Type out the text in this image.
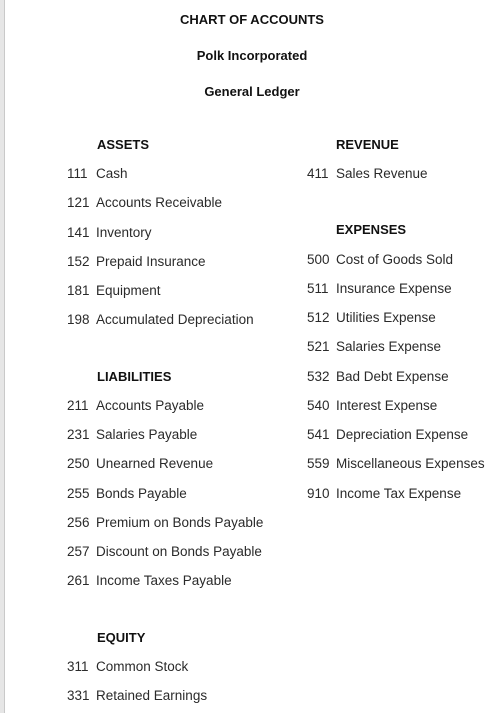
CHART OF ACCOUNTS
Polk Incorporated
General Ledger
ASSETS
111 Cash
121 Accounts Receivable
141 Inventory
152 Prepaid Insurance
181 Equipment
198 Accumulated Depreciation
LIABILITIES
211 Accounts Payable
231 Salaries Payable
250 Unearned Revenue
255 Bonds Payable
256 Premium on Bonds Payable
257 Discount on Bonds Payable
261 Income Taxes Payable
EQUITY
311 Common Stock
331 Retained Earnings
REVENUE
411 Sales Revenue
EXPENSES
500 Cost of Goods Sold
511 Insurance Expense
512 Utilities Expense
521 Salaries Expense
532 Bad Debt Expense
540 Interest Expense
541 Depreciation Expense
559 Miscellaneous Expenses
910 Income Tax Expense
